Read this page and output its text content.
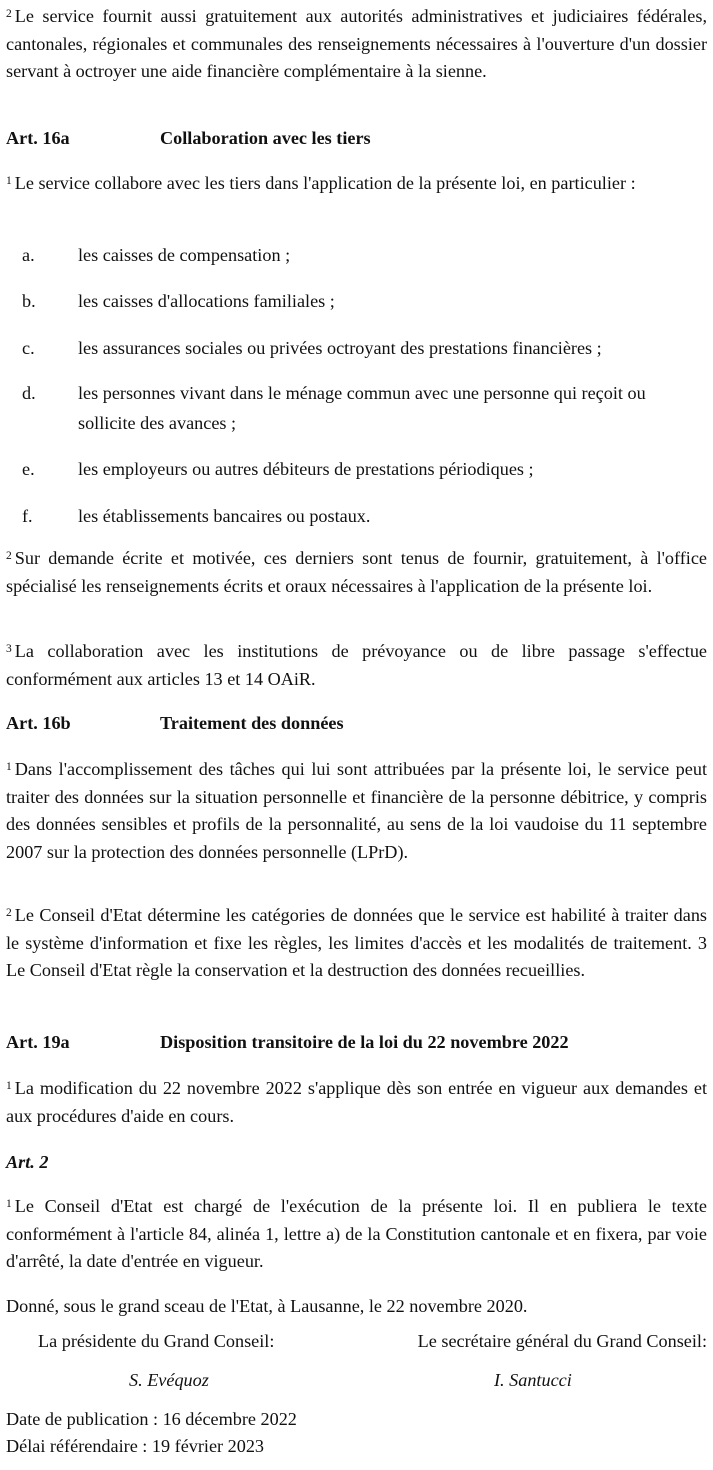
$^2$ Le service fournit aussi gratuitement aux autorités administratives et judiciaires fédérales, cantonales, régionales et communales des renseignements nécessaires à l'ouverture d'un dossier servant à octroyer une aide financière complémentaire à la sienne.

Art. 16a	Collaboration avec les tiers

$^1$ Le service collabore avec les tiers dans l'application de la présente loi, en particulier :

a. les caisses de compensation ;
b. les caisses d'allocations familiales ;
c. les assurances sociales ou privées octroyant des prestations financières ;
d. les personnes vivant dans le ménage commun avec une personne qui reçoit ou sollicite des avances ;
e. les employeurs ou autres débiteurs de prestations périodiques ;
f. les établissements bancaires ou postaux.

$^2$ Sur demande écrite et motivée, ces derniers sont tenus de fournir, gratuitement, à l'office spécialisé les renseignements écrits et oraux nécessaires à l'application de la présente loi.

$^3$ La collaboration avec les institutions de prévoyance ou de libre passage s'effectue conformément aux articles 13 et 14 OAiR.

Art. 16b	Traitement des données

$^1$ Dans l'accomplissement des tâches qui lui sont attribuées par la présente loi, le service peut traiter des données sur la situation personnelle et financière de la personne débitrice, y compris des données sensibles et profils de la personnalité, au sens de la loi vaudoise du 11 septembre 2007 sur la protection des données personnelle (LPrD).

$^2$ Le Conseil d'Etat détermine les catégories de données que le service est habilité à traiter dans le système d'information et fixe les règles, les limites d'accès et les modalités de traitement. 3 Le Conseil d'Etat règle la conservation et la destruction des données recueillies.

Art. 19a	Disposition transitoire de la loi du 22 novembre 2022

$^1$ La modification du 22 novembre 2022 s'applique dès son entrée en vigueur aux demandes et aux procédures d'aide en cours.

Art. 2

$^1$ Le Conseil d'Etat est chargé de l'exécution de la présente loi. Il en publiera le texte conformément à l'article 84, alinéa 1, lettre a) de la Constitution cantonale et en fixera, par voie d'arrêté, la date d'entrée en vigueur.

Donné, sous le grand sceau de l'Etat, à Lausanne, le 22 novembre 2020.
La présidente du Grand Conseil:	Le secrétaire général du Grand Conseil:
S. Evéquoz	I. Santucci
Date de publication : 16 décembre 2022
Délai référendaire : 19 février 2023
